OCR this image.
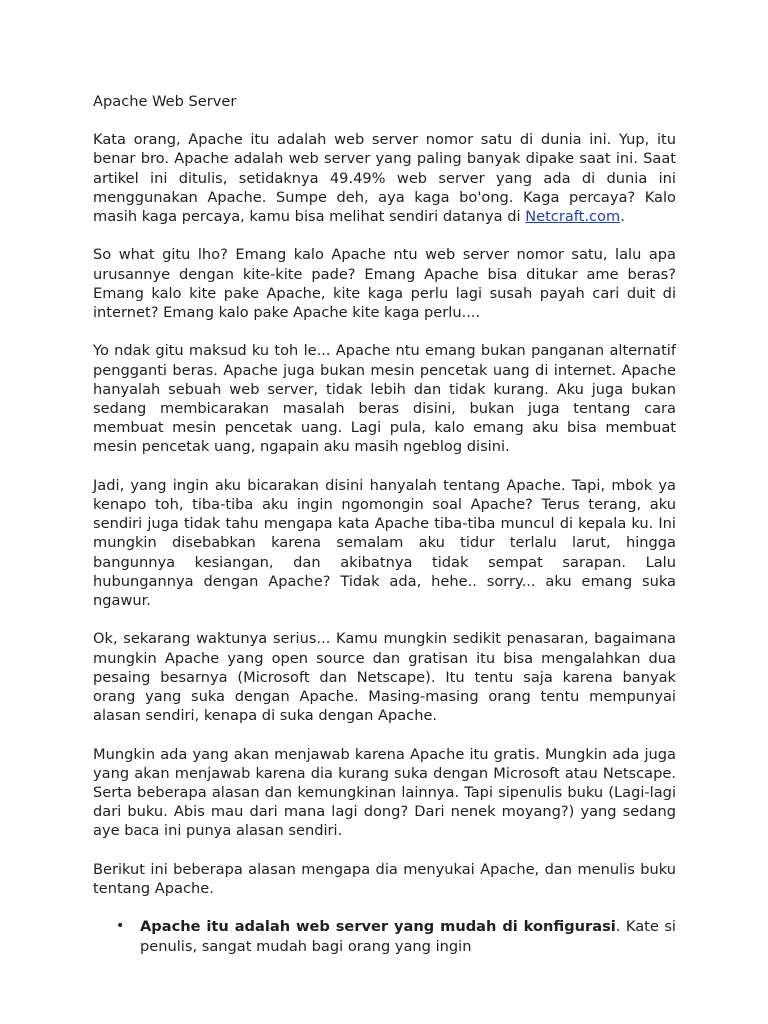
Apache Web Server

Kata orang, Apache itu adalah web server nomor satu di dunia ini. Yup, itu benar bro. Apache adalah web server yang paling banyak dipake saat ini. Saat artikel ini ditulis, setidaknya 49.49% web server yang ada di dunia ini menggunakan Apache. Sumpe deh, aya kaga bo'ong. Kaga percaya? Kalo masih kaga percaya, kamu bisa melihat sendiri datanya di Netcraft.com.

So what gitu lho? Emang kalo Apache ntu web server nomor satu, lalu apa urusannye dengan kite-kite pade? Emang Apache bisa ditukar ame beras? Emang kalo kite pake Apache, kite kaga perlu lagi susah payah cari duit di internet? Emang kalo pake Apache kite kaga perlu....

Yo ndak gitu maksud ku toh le... Apache ntu emang bukan panganan alternatif pengganti beras. Apache juga bukan mesin pencetak uang di internet. Apache hanyalah sebuah web server, tidak lebih dan tidak kurang. Aku juga bukan sedang membicarakan masalah beras disini, bukan juga tentang cara membuat mesin pencetak uang. Lagi pula, kalo emang aku bisa membuat mesin pencetak uang, ngapain aku masih ngeblog disini.

Jadi, yang ingin aku bicarakan disini hanyalah tentang Apache. Tapi, mbok ya kenapo toh, tiba-tiba aku ingin ngomongin soal Apache? Terus terang, aku sendiri juga tidak tahu mengapa kata Apache tiba-tiba muncul di kepala ku. Ini mungkin disebabkan karena semalam aku tidur terlalu larut, hingga bangunnya kesiangan, dan akibatnya tidak sempat sarapan. Lalu hubungannya dengan Apache? Tidak ada, hehe.. sorry... aku emang suka ngawur.

Ok, sekarang waktunya serius... Kamu mungkin sedikit penasaran, bagaimana mungkin Apache yang open source dan gratisan itu bisa mengalahkan dua pesaing besarnya (Microsoft dan Netscape). Itu tentu saja karena banyak orang yang suka dengan Apache. Masing-masing orang tentu mempunyai alasan sendiri, kenapa di suka dengan Apache.

Mungkin ada yang akan menjawab karena Apache itu gratis. Mungkin ada juga yang akan menjawab karena dia kurang suka dengan Microsoft atau Netscape. Serta beberapa alasan dan kemungkinan lainnya. Tapi sipenulis buku (Lagi-lagi dari buku. Abis mau dari mana lagi dong? Dari nenek moyang?) yang sedang aye baca ini punya alasan sendiri.

Berikut ini beberapa alasan mengapa dia menyukai Apache, dan menulis buku tentang Apache.

• Apache itu adalah web server yang mudah di konfigurasi. Kate si penulis, sangat mudah bagi orang yang ingin
